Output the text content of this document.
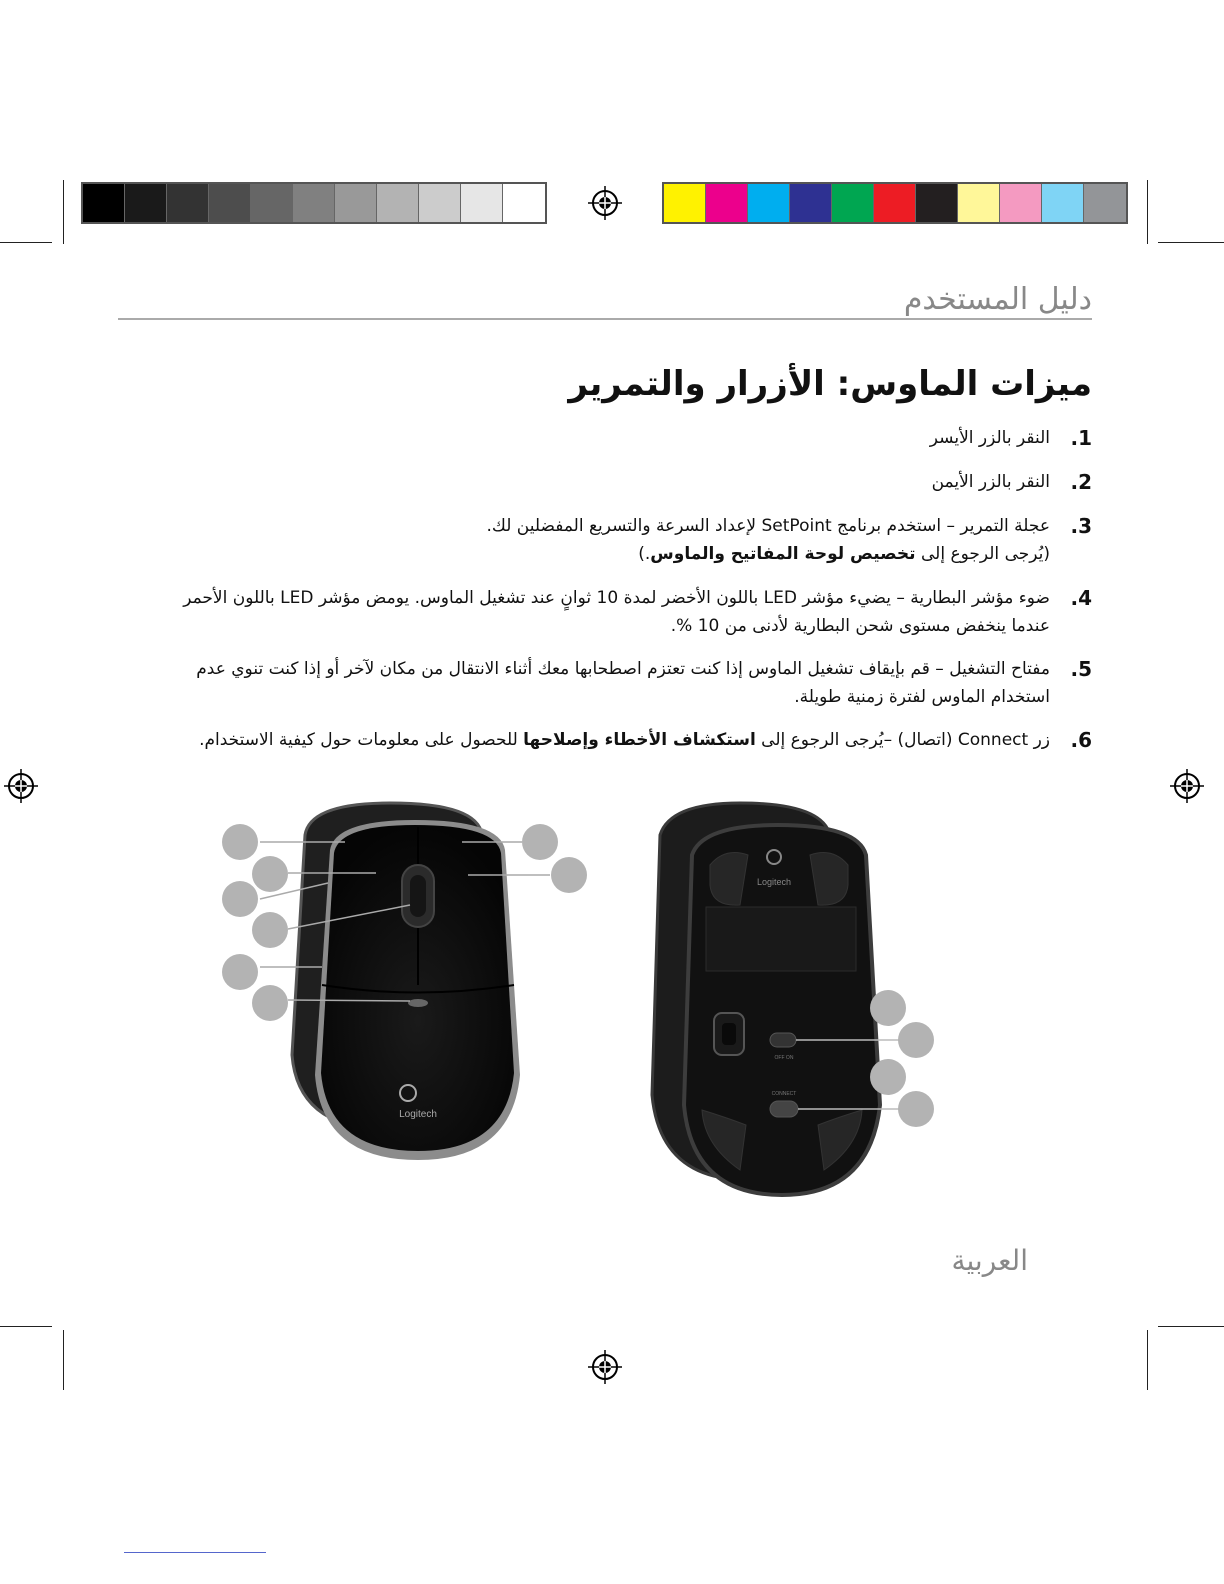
دليل المستخدم
ميزات الماوس: الأزرار والتمرير
1.
النقر بالزر الأيسر
2.
النقر بالزر الأيمن
3.
عجلة التمرير – استخدم برنامج SetPoint لإعداد السرعة والتسريع المفضلين لك.
(يُرجى الرجوع إلى تخصيص لوحة المفاتيح والماوس.)
4.
ضوء مؤشر البطارية – يضيء مؤشر LED باللون الأخضر لمدة 10 ثوانٍ عند تشغيل الماوس. يومض مؤشر LED باللون الأحمر
عندما ينخفض مستوى شحن البطارية لأدنى من 10 %.
5.
مفتاح التشغيل – قم بإيقاف تشغيل الماوس إذا كنت تعتزم اصطحابها معك أثناء الانتقال من مكان لآخر أو إذا كنت تنوي عدم
استخدام الماوس لفترة زمنية طويلة.
6.
زر Connect (اتصال) –يُرجى الرجوع إلى استكشاف الأخطاء وإصلاحها للحصول على معلومات حول كيفية الاستخدام.
Logitech
Logitech
OFF ON
CONNECT
العربية
